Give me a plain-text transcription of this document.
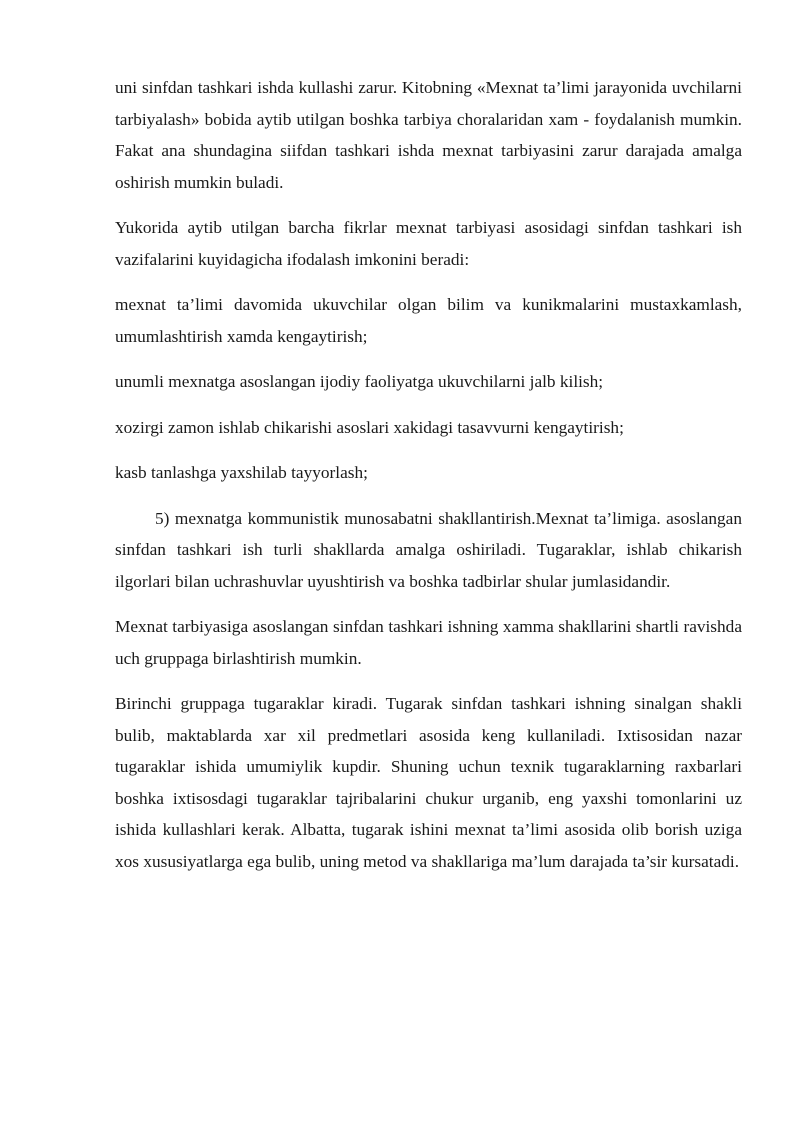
uni sinfdan tashkari ishda kullashi zarur. Kitobning «Mexnat ta’limi jarayonida uvchilarni tarbiyalash» bobida aytib utilgan boshka tarbiya choralaridan xam - foydalanish mumkin. Fakat ana shundagina siifdan tashkari ishda mexnat tarbiyasini zarur darajada amalga oshirish mumkin buladi.

Yukorida aytib utilgan barcha fikrlar mexnat tarbiyasi asosidagi sinfdan tashkari ish vazifalarini kuyidagicha ifodalash imkonini beradi:

mexnat ta’limi davomida ukuvchilar olgan bilim va kunikmalarini mustaxkamlash, umumlashtirish xamda kengaytirish;

unumli mexnatga asoslangan ijodiy faoliyatga ukuvchilarni jalb kilish;

xozirgi zamon ishlab chikarishi asoslari xakidagi tasavvurni kengaytirish;

kasb tanlashga yaxshilab tayyorlash;

5) mexnatga kommunistik munosabatni shakllantirish.Mexnat ta’limiga. asoslangan sinfdan tashkari ish turli shakllarda amalga oshiriladi. Tugaraklar, ishlab chikarish ilgorlari bilan uchrashuvlar uyushtirish va boshka tadbirlar shular jumlasidandir.

Mexnat tarbiyasiga asoslangan sinfdan tashkari ishning xamma shakllarini shartli ravishda uch gruppaga birlashtirish mumkin.

Birinchi gruppaga tugaraklar kiradi. Tugarak sinfdan tashkari ishning sinalgan shakli bulib, maktablarda xar xil predmetlari asosida keng kullaniladi. Ixtisosidan nazar tugaraklar ishida umumiylik kupdir. Shuning uchun texnik tugaraklarning raxbarlari boshka ixtisosdagi tugaraklar tajribalarini chukur urganib, eng yaxshi tomonlarini uz ishida kullashlari kerak. Albatta, tugarak ishini mexnat ta’limi asosida olib borish uziga xos xususiyatlarga ega bulib, uning metod va shakllariga ma’lum darajada ta’sir kursatadi.
